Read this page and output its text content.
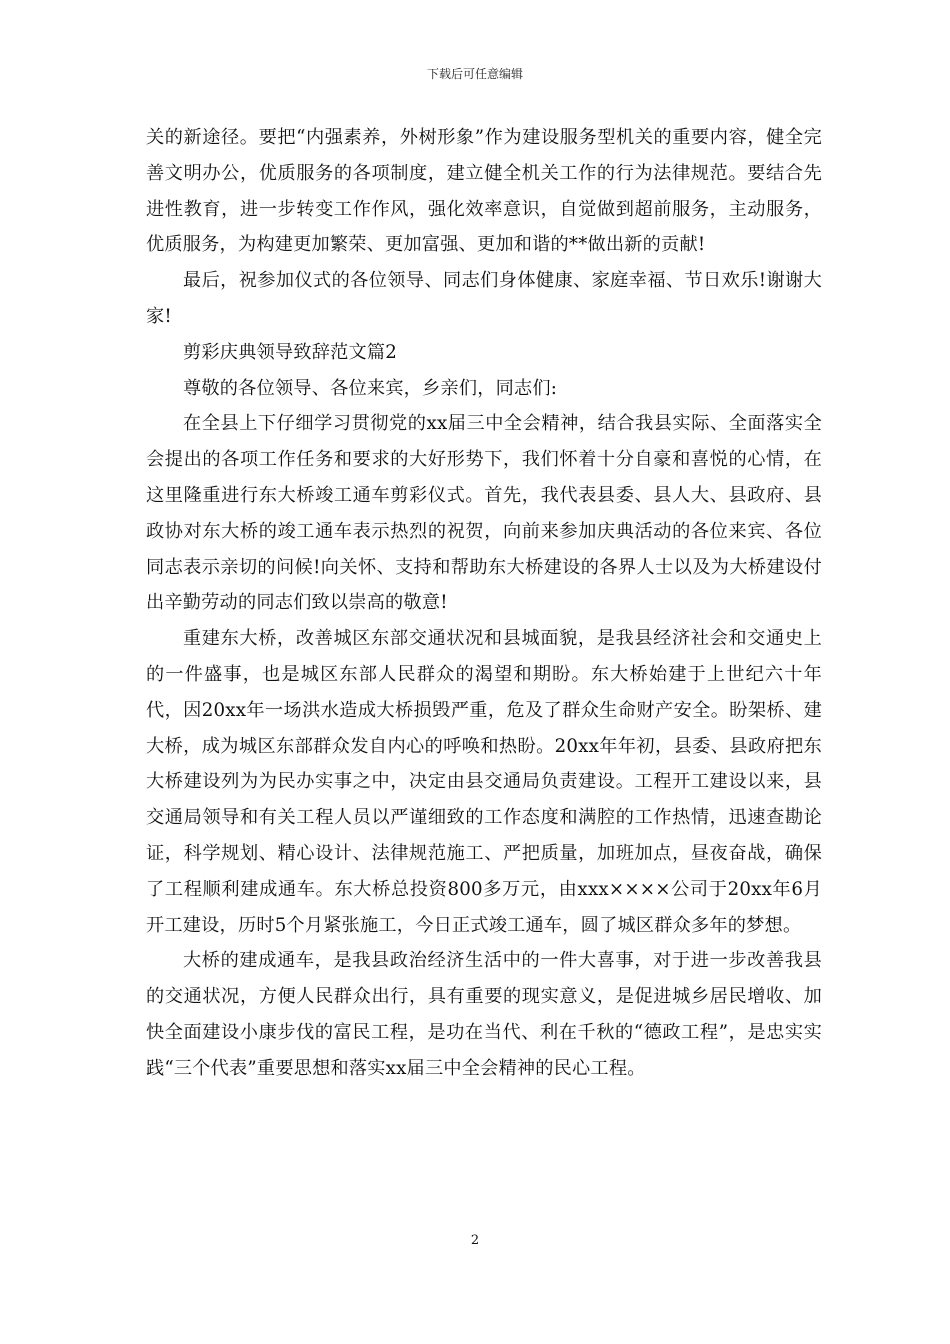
下载后可任意编辑

关的新途径。要把“内强素养，外树形象”作为建设服务型机关的重要内容，健全完善文明办公，优质服务的各项制度，建立健全机关工作的行为法律规范。要结合先进性教育，进一步转变工作作风，强化效率意识，自觉做到超前服务，主动服务，优质服务，为构建更加繁荣、更加富强、更加和谐的**做出新的贡献!

最后，祝参加仪式的各位领导、同志们身体健康、家庭幸福、节日欢乐!谢谢大家!

剪彩庆典领导致辞范文篇2

尊敬的各位领导、各位来宾，乡亲们，同志们:

在全县上下仔细学习贯彻党的xx届三中全会精神，结合我县实际、全面落实全会提出的各项工作任务和要求的大好形势下，我们怀着十分自豪和喜悦的心情，在这里隆重进行东大桥竣工通车剪彩仪式。首先，我代表县委、县人大、县政府、县政协对东大桥的竣工通车表示热烈的祝贺，向前来参加庆典活动的各位来宾、各位同志表示亲切的问候!向关怀、支持和帮助东大桥建设的各界人士以及为大桥建设付出辛勤劳动的同志们致以崇高的敬意!

重建东大桥，改善城区东部交通状况和县城面貌，是我县经济社会和交通史上的一件盛事，也是城区东部人民群众的渴望和期盼。东大桥始建于上世纪六十年代，因20xx年一场洪水造成大桥损毁严重，危及了群众生命财产安全。盼架桥、建大桥，成为城区东部群众发自内心的呼唤和热盼。20xx年年初，县委、县政府把东大桥建设列为为民办实事之中，决定由县交通局负责建设。工程开工建设以来，县交通局领导和有关工程人员以严谨细致的工作态度和满腔的工作热情，迅速查勘论证，科学规划、精心设计、法律规范施工、严把质量，加班加点，昼夜奋战，确保了工程顺利建成通车。东大桥总投资800多万元，由xxx××××公司于20xx年6月开工建设，历时5个月紧张施工，今日正式竣工通车，圆了城区群众多年的梦想。

大桥的建成通车，是我县政治经济生活中的一件大喜事，对于进一步改善我县的交通状况，方便人民群众出行，具有重要的现实意义，是促进城乡居民增收、加快全面建设小康步伐的富民工程，是功在当代、利在千秋的“德政工程”，是忠实实践“三个代表”重要思想和落实xx届三中全会精神的民心工程。

2
